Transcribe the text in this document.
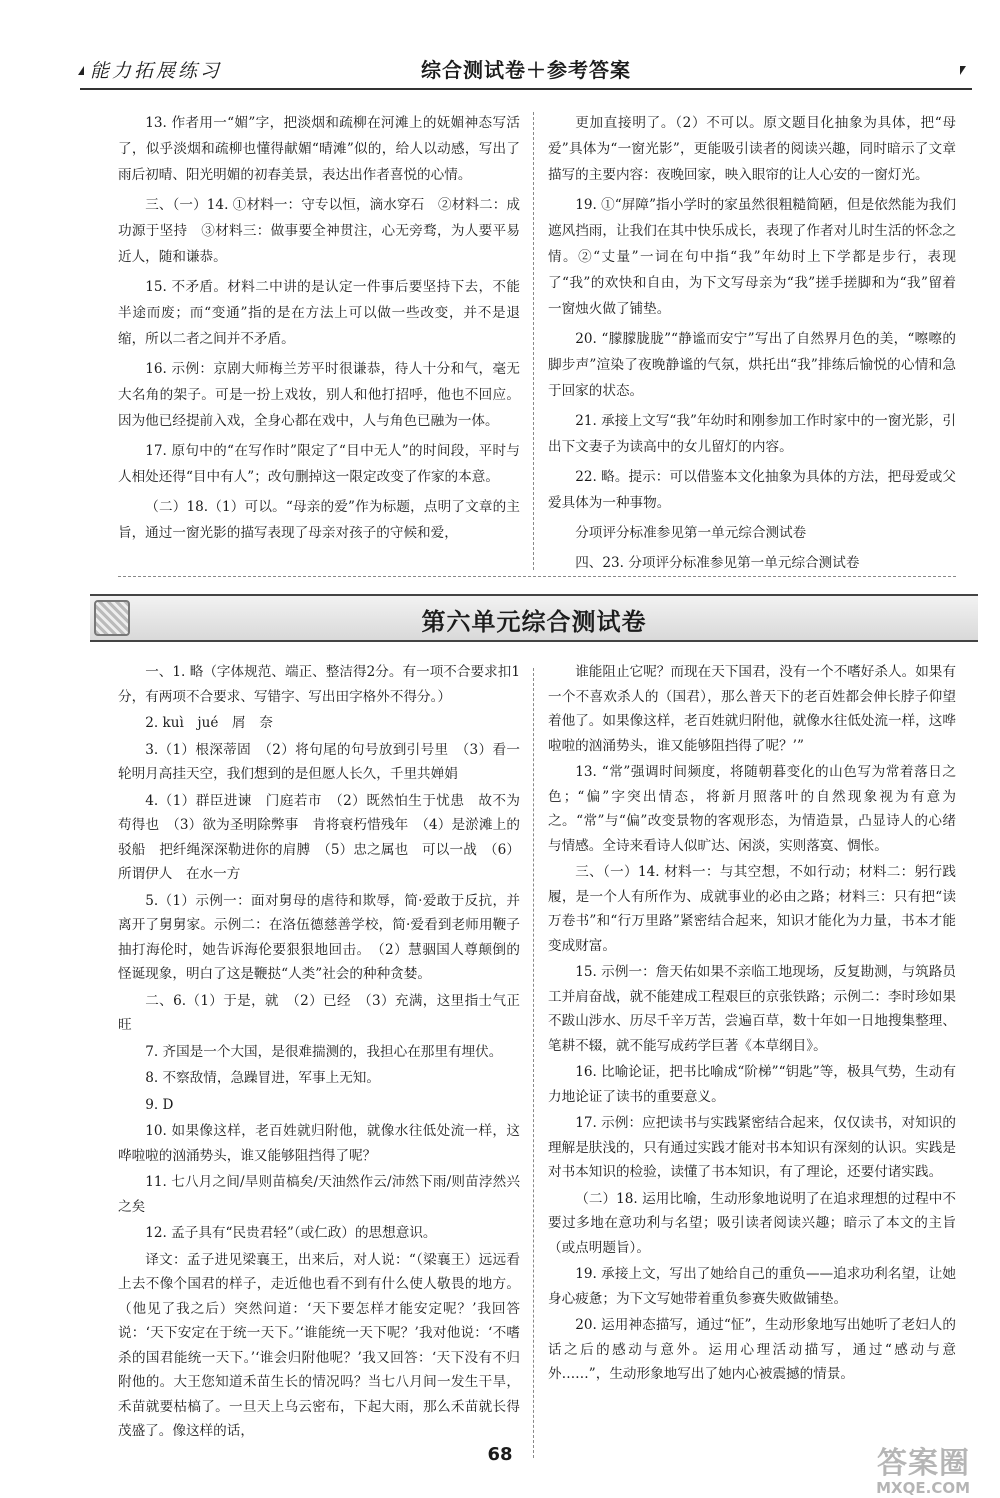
能力拓展练习	综合测试卷＋参考答案

13. 作者用一“媚”字，把淡烟和疏柳在河滩上的妩媚神态写活了，似乎淡烟和疏柳也懂得献媚“晴滩”似的，给人以动感，写出了雨后初晴、阳光明媚的初春美景，表达出作者喜悦的心情。

三、（一）14. ①材料一：守专以恒，滴水穿石　②材料二：成功源于坚持　③材料三：做事要全神贯注，心无旁骛，为人要平易近人，随和谦恭。

15. 不矛盾。材料二中讲的是认定一件事后要坚持下去，不能半途而废；而“变通”指的是在方法上可以做一些改变，并不是退缩，所以二者之间并不矛盾。

16. 示例：京剧大师梅兰芳平时很谦恭，待人十分和气，毫无大名角的架子。可是一扮上戏妆，别人和他打招呼，他也不回应。因为他已经提前入戏，全身心都在戏中，人与角色已融为一体。

17. 原句中的“在写作时”限定了“目中无人”的时间段，平时与人相处还得“目中有人”；改句删掉这一限定改变了作家的本意。

（二）18.（1）可以。“母亲的爱”作为标题，点明了文章的主旨，通过一窗光影的描写表现了母亲对孩子的守候和爱，

更加直接明了。（2）不可以。原文题目化抽象为具体，把“母爱”具体为“一窗光影”，更能吸引读者的阅读兴趣，同时暗示了文章描写的主要内容：夜晚回家，映入眼帘的让人心安的一窗灯光。

19. ①“屏障”指小学时的家虽然很粗糙简陋，但是依然能为我们遮风挡雨，让我们在其中快乐成长，表现了作者对儿时生活的怀念之情。②“丈量”一词在句中指“我”年幼时上下学都是步行，表现了“我”的欢快和自由，为下文写母亲为“我”搓手搓脚和为“我”留着一窗烛火做了铺垫。

20. “朦朦胧胧”“静谧而安宁”写出了自然界月色的美，“嚓嚓的脚步声”渲染了夜晚静谧的气氛，烘托出“我”排练后愉悦的心情和急于回家的状态。

21. 承接上文写“我”年幼时和刚参加工作时家中的一窗光影，引出下文妻子为读高中的女儿留灯的内容。

22. 略。提示：可以借鉴本文化抽象为具体的方法，把母爱或父爱具体为一种事物。

分项评分标准参见第一单元综合测试卷

四、23. 分项评分标准参见第一单元综合测试卷

第六单元综合测试卷

一、1. 略（字体规范、端正、整洁得2分。有一项不合要求扣1分，有两项不合要求、写错字、写出田字格外不得分。）

2. kuì　jué　屑　奈

3.（1）根深蒂固　（2）将句尾的句号放到引号里　（3）看一轮明月高挂天空，我们想到的是但愿人长久，千里共婵娟

4.（1）群臣进谏　门庭若市　（2）既然怕生于忧患　故不为苟得也　（3）欲为圣明除弊事　肯将衰朽惜残年　（4）是淤滩上的驳船　把纤绳深深勒进你的肩膊　（5）忠之属也　可以一战　（6）所谓伊人　在水一方

5.（1）示例一：面对舅母的虐待和欺辱，简·爱敢于反抗，并离开了舅舅家。示例二：在洛伍德慈善学校，简·爱看到老师用鞭子抽打海伦时，她告诉海伦要狠狠地回击。　（2）慧骃国人尊颠倒的怪诞现象，明白了这是鞭挞“人类”社会的种种贪婪。

二、6.（1）于是，就　（2）已经　（3）充满，这里指士气正旺

7. 齐国是一个大国，是很难揣测的，我担心在那里有埋伏。

8. 不察敌情，急躁冒进，军事上无知。

9. D

10. 如果像这样，老百姓就归附他，就像水往低处流一样，这哗啦啦的汹涌势头，谁又能够阻挡得了呢？

11. 七八月之间/旱则苗槁矣/天油然作云/沛然下雨/则苗浡然兴之矣

12. 孟子具有“民贵君轻”（或仁政）的思想意识。

译文：孟子进见梁襄王，出来后，对人说：“（梁襄王）远远看上去不像个国君的样子，走近他也看不到有什么使人敬畏的地方。（他见了我之后）突然问道：‘天下要怎样才能安定呢？’我回答说：‘天下安定在于统一天下。’‘谁能统一天下呢？’我对他说：‘不嗜杀的国君能统一天下。’‘谁会归附他呢？’我又回答：‘天下没有不归附他的。大王您知道禾苗生长的情况吗？当七八月间一发生干旱，禾苗就要枯槁了。一旦天上乌云密布，下起大雨，那么禾苗就长得茂盛了。像这样的话，

谁能阻止它呢？而现在天下国君，没有一个不嗜好杀人。如果有一个不喜欢杀人的（国君），那么普天下的老百姓都会伸长脖子仰望着他了。如果像这样，老百姓就归附他，就像水往低处流一样，这哗啦啦的汹涌势头，谁又能够阻挡得了呢？’”

13. “常”强调时间频度，将随朝暮变化的山色写为常着落日之色；“偏”字突出情态，将新月照落叶的自然现象视为有意为之。“常”与“偏”改变景物的客观形态，为情造景，凸显诗人的心绪与情感。全诗来看诗人似旷达、闲淡，实则落寞、惆怅。

三、（一）14. 材料一：与其空想，不如行动；材料二：躬行践履，是一个人有所作为、成就事业的必由之路；材料三：只有把“读万卷书”和“行万里路”紧密结合起来，知识才能化为力量，书本才能变成财富。

15. 示例一：詹天佑如果不亲临工地现场，反复勘测，与筑路员工并肩奋战，就不能建成工程艰巨的京张铁路；示例二：李时珍如果不跋山涉水、历尽千辛万苦，尝遍百草，数十年如一日地搜集整理、笔耕不辍，就不能写成药学巨著《本草纲目》。

16. 比喻论证，把书比喻成“阶梯”“钥匙”等，极具气势，生动有力地论证了读书的重要意义。

17. 示例：应把读书与实践紧密结合起来，仅仅读书，对知识的理解是肤浅的，只有通过实践才能对书本知识有深刻的认识。实践是对书本知识的检验，读懂了书本知识，有了理论，还要付诸实践。

（二）18. 运用比喻，生动形象地说明了在追求理想的过程中不要过多地在意功利与名望；吸引读者阅读兴趣；暗示了本文的主旨（或点明题旨）。

19. 承接上文，写出了她给自己的重负——追求功利名望，让她身心疲惫；为下文写她带着重负参赛失败做铺垫。

20. 运用神态描写，通过“怔”，生动形象地写出她听了老妇人的话之后的感动与意外。运用心理活动描写，通过“感动与意外……”，生动形象地写出了她内心被震撼的情景。

68	答案圈
MXQE.COM
